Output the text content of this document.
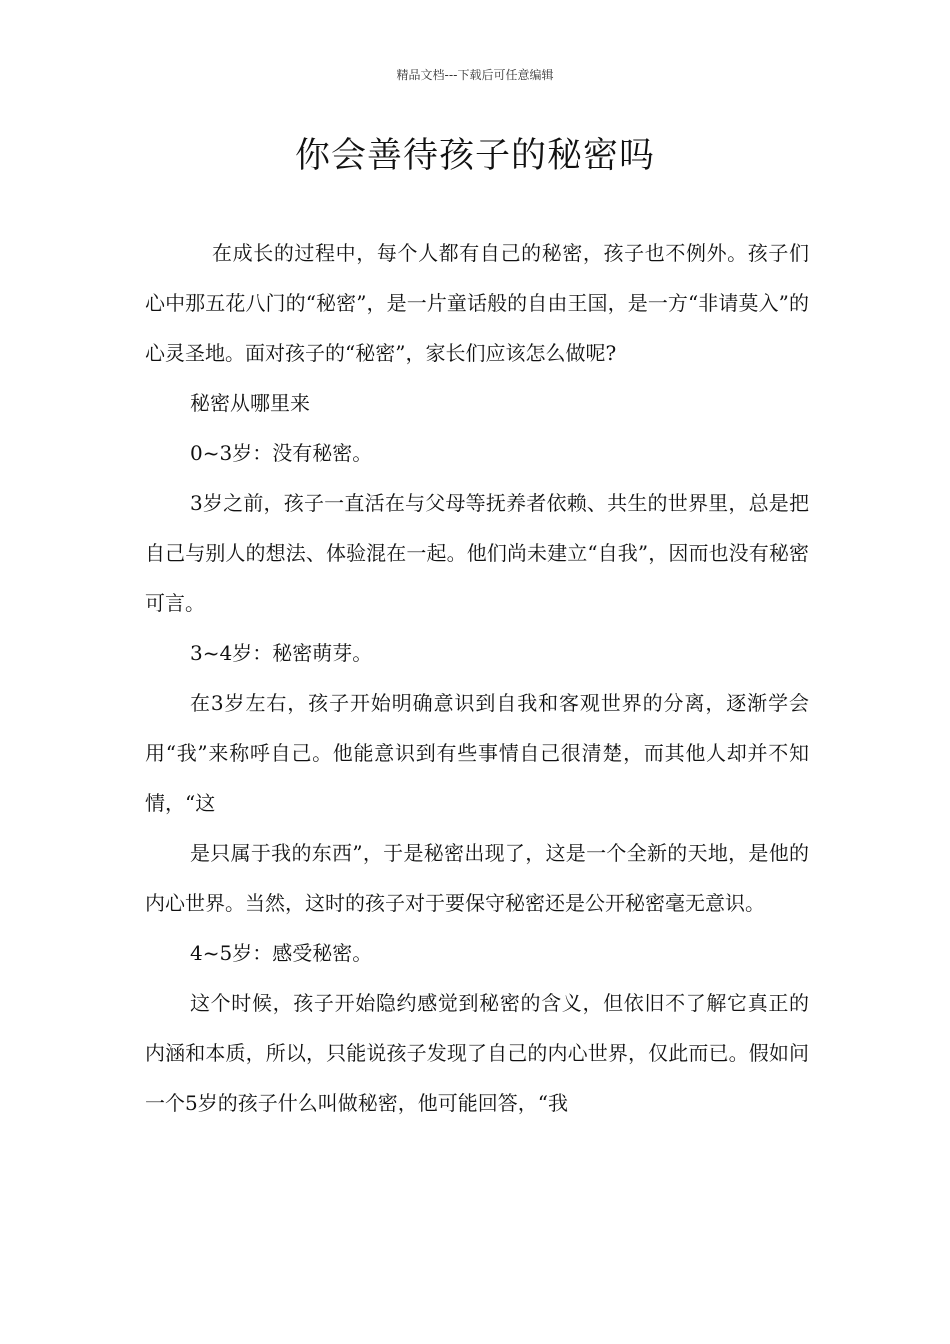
精品文档---下载后可任意编辑
你会善待孩子的秘密吗

在成长的过程中，每个人都有自己的秘密，孩子也不例外。孩子们心中那五花八门的“秘密”，是一片童话般的自由王国，是一方“非请莫入”的心灵圣地。面对孩子的“秘密”，家长们应该怎么做呢?

秘密从哪里来

0~3岁：没有秘密。

3岁之前，孩子一直活在与父母等抚养者依赖、共生的世界里，总是把自己与别人的想法、体验混在一起。他们尚未建立“自我”，因而也没有秘密可言。

3~4岁：秘密萌芽。

在3岁左右，孩子开始明确意识到自我和客观世界的分离，逐渐学会用“我”来称呼自己。他能意识到有些事情自己很清楚，而其他人却并不知情，“这

是只属于我的东西”，于是秘密出现了，这是一个全新的天地，是他的内心世界。当然，这时的孩子对于要保守秘密还是公开秘密毫无意识。

4~5岁：感受秘密。

这个时候，孩子开始隐约感觉到秘密的含义，但依旧不了解它真正的内涵和本质，所以，只能说孩子发现了自己的内心世界，仅此而已。假如问一个5岁的孩子什么叫做秘密，他可能回答，“我
